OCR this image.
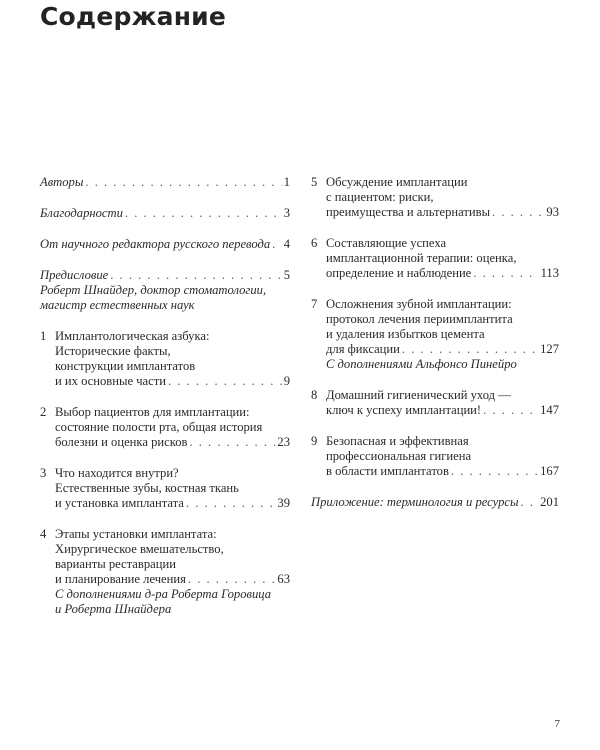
Содержание
Авторы . . .	1
Благодарности . . .	3
От научного редактора русского перевода . . . 4
Предисловие . . .	5
Роберт Шнайдер, доктор стоматологии,
магистр естественных наук
1 Имплантологическая азбука:
Исторические факты,
конструкции имплантатов
и их основные части . . .	9
2 Выбор пациентов для имплантации:
состояние полости рта, общая история
болезни и оценка рисков . . .	23
3 Что находится внутри?
Естественные зубы, костная ткань
и установка имплантата . . .	39
4 Этапы установки имплантата:
Хирургическое вмешательство,
варианты реставрации
и планирование лечения . . .	63
С дополнениями д-ра Роберта Горовица
и Роберта Шнайдера
5 Обсуждение имплантации
с пациентом: риски,
преимущества и альтернативы . . .	93
6 Составляющие успеха
имплантационной терапии: оценка,
определение и наблюдение . . .	113
7 Осложнения зубной имплантации:
протокол лечения периимплантита
и удаления избытков цемента
для фиксации . . .	127
С дополнениями Альфонсо Пинейро
8 Домашний гигиенический уход —
ключ к успеху имплантации! . . .	147
9 Безопасная и эффективная
профессиональная гигиена
в области имплантатов . . .	167
Приложение: терминология и ресурсы . . . 201
7
